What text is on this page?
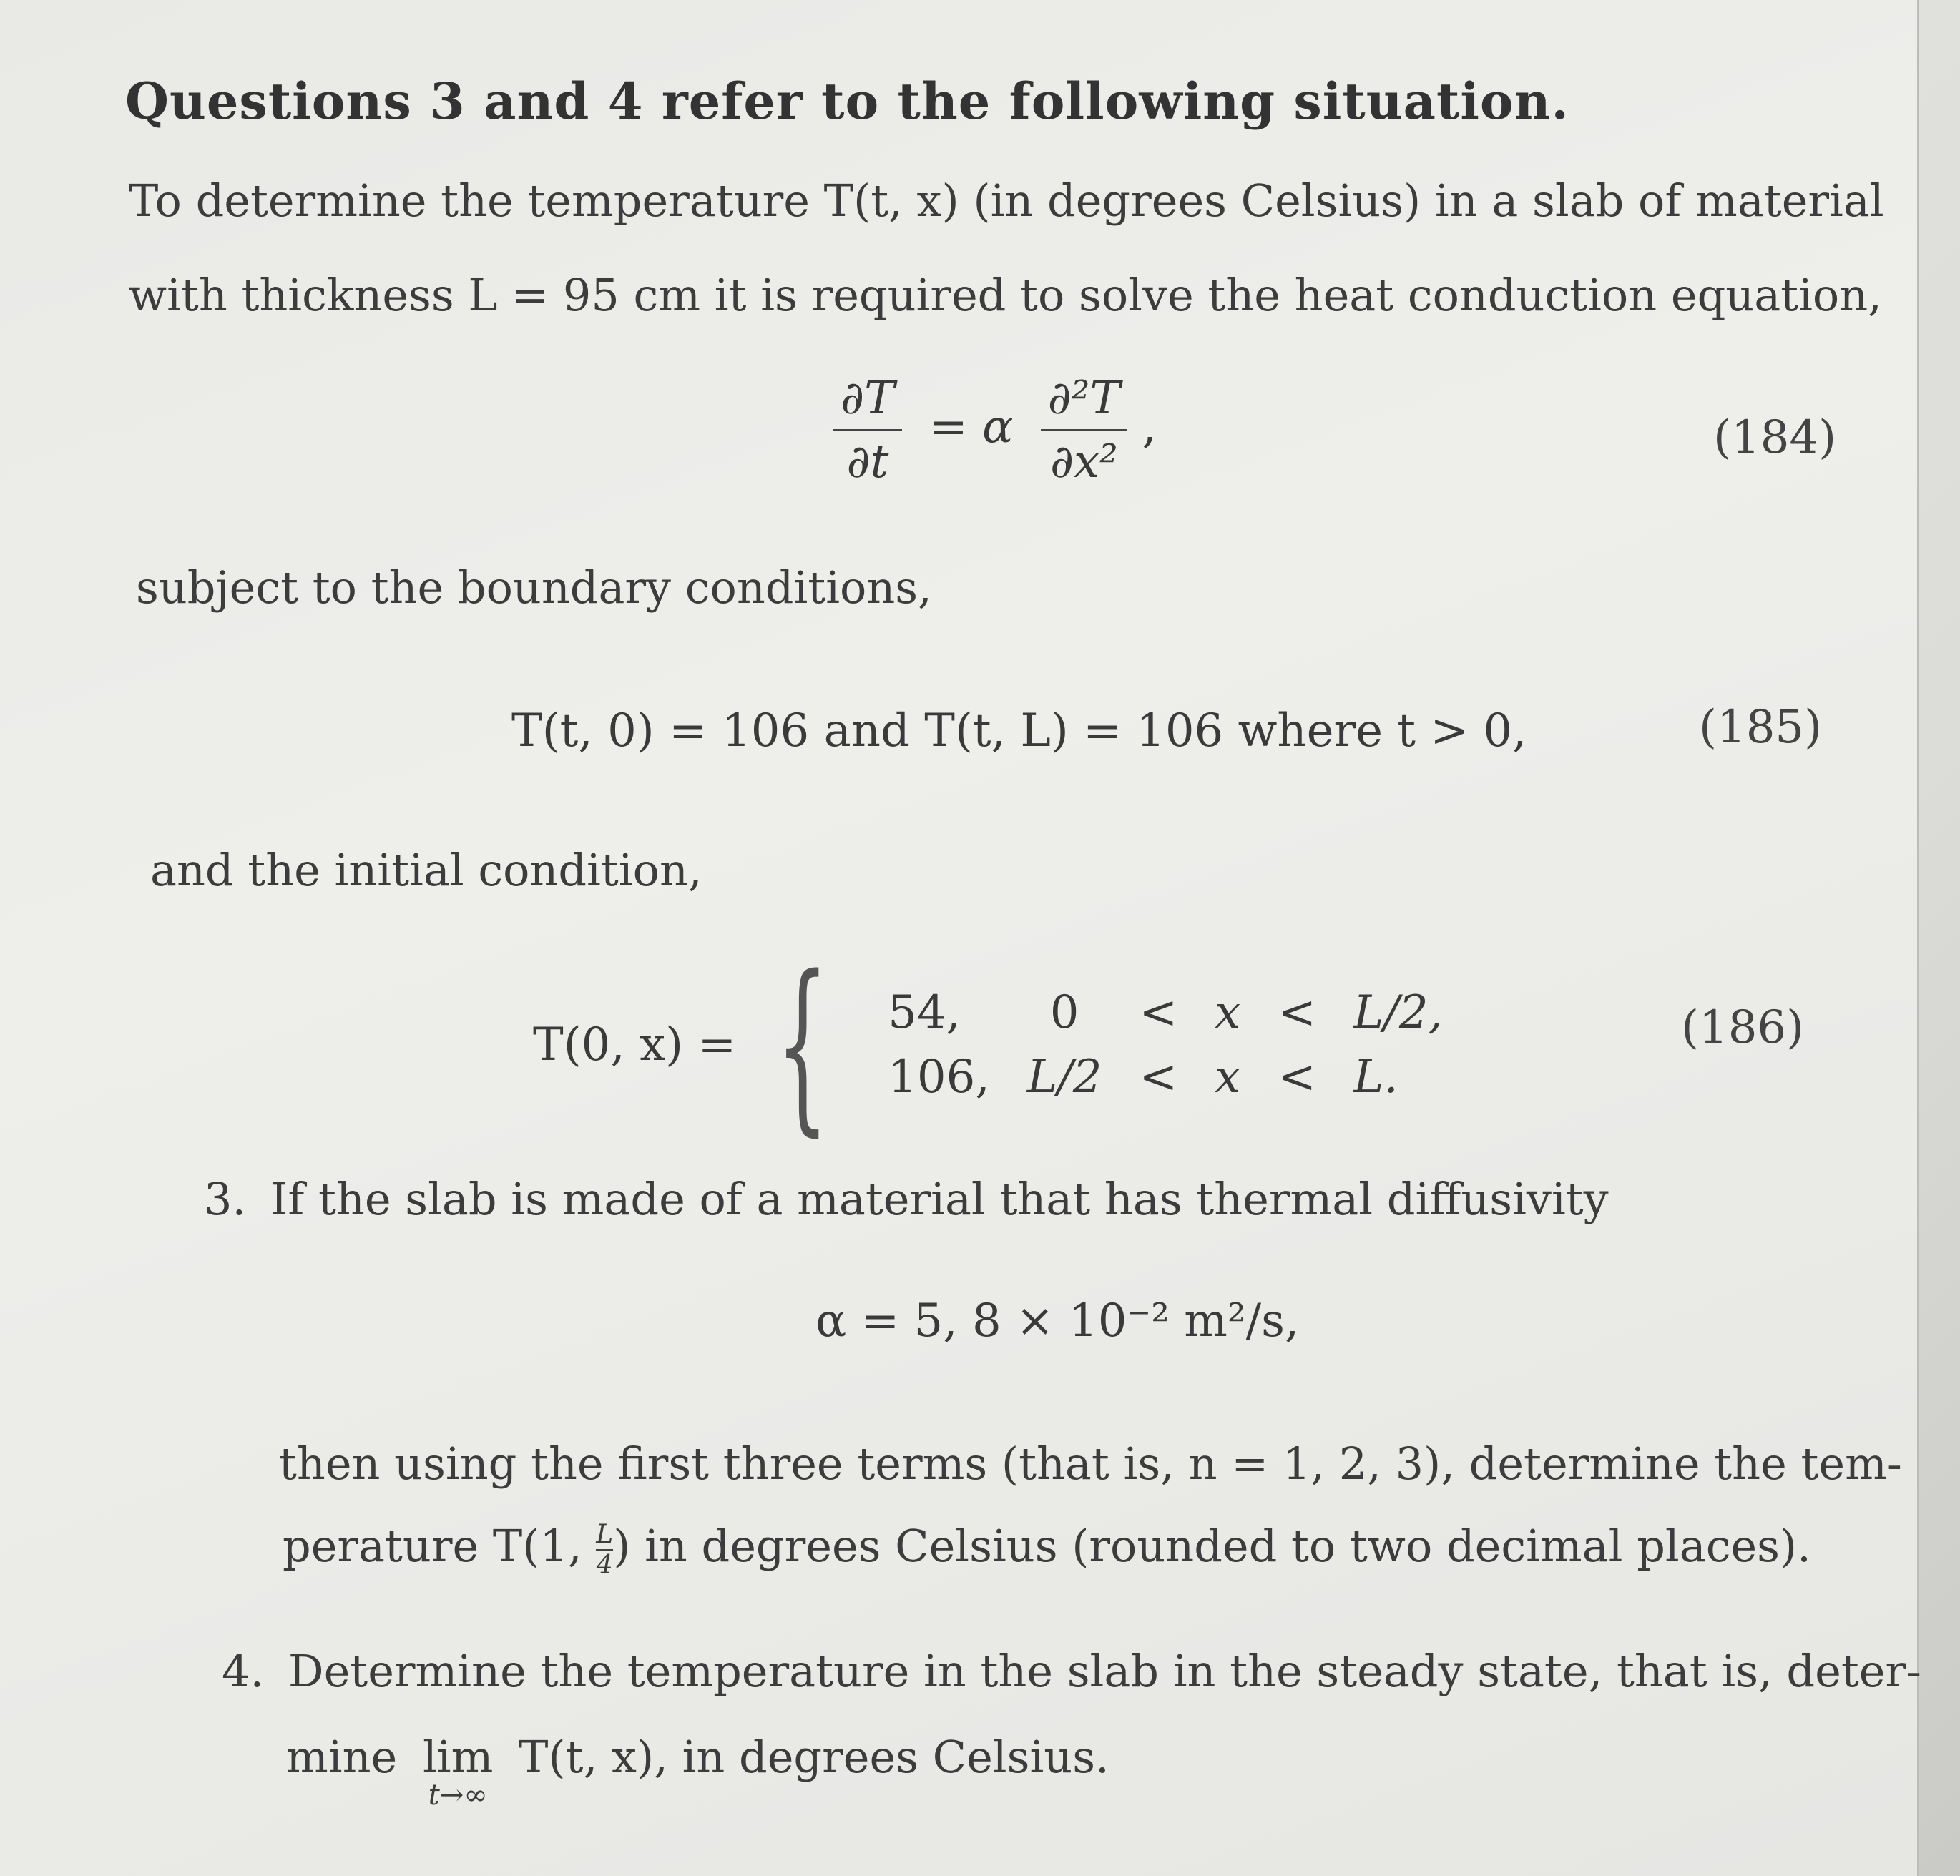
Questions 3 and 4 refer to the following situation.
To determine the temperature T(t, x) (in degrees Celsius) in a slab of material
with thickness L = 95 cm it is required to solve the heat conduction equation,
$\frac{\partial T}{\partial t} = \alpha \frac{\text{∂²T}}{\text{∂x²}}$ ,	(184)
subject to the boundary conditions,
T(t, 0) = 106 and T(t, L) = 106 where t > 0,	(185)
and the initial condition,
T(0, x) = { 54,	0	<	x	<	L/2,
106,	L/2	<	x	<	L.
(186)
3. If the slab is made of a material that has thermal diffusivity
α = 5, 8 × 10⁻² m²/s,
then using the first three terms (that is, n = 1, 2, 3), determine the tem-
perature T(1, $\frac{L}{4}$ ) in degrees Celsius (rounded to two decimal places).
4. Determine the temperature in the slab in the steady state, that is, deter-
mine lim
t→∞
T(t, x), in degrees Celsius.
